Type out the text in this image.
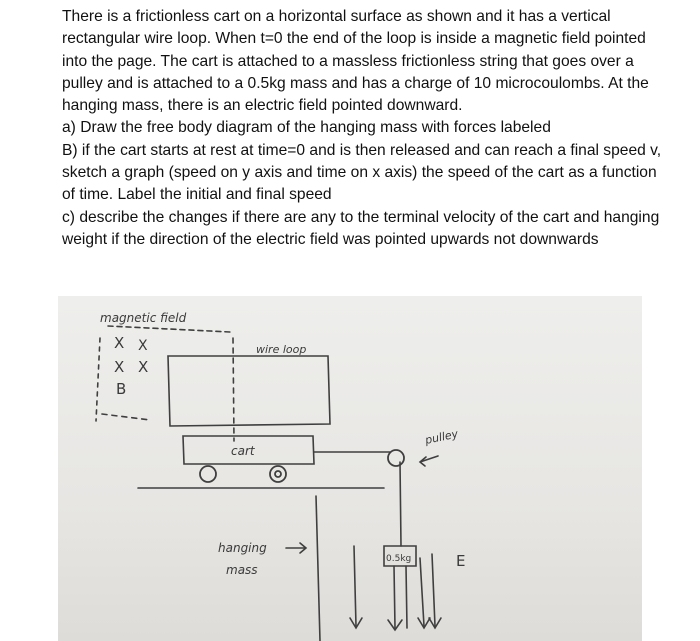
There is a frictionless cart on a horizontal surface as shown and it has a vertical rectangular wire loop. When t=0 the end of the loop is inside a magnetic field pointed into the page. The cart is attached to a massless frictionless string that goes over a pulley and is attached to a 0.5kg mass and has a charge of 10 microcoulombs. At the hanging mass, there is an electric field pointed downward.

a) Draw the free body diagram of the hanging mass with forces labeled

B) if the cart starts at rest at time=0 and is then released and can reach a final speed v, sketch a graph (speed on y axis and time on x axis) the speed of the cart as a function of time. Label the initial and final speed

c) describe the changes if there are any to the terminal velocity of the cart and hanging weight if the direction of the electric field was pointed upwards not downwards

magnetic field
X X
X X
B
wire loop
cart
pulley
hanging
mass
0.5kg	E
